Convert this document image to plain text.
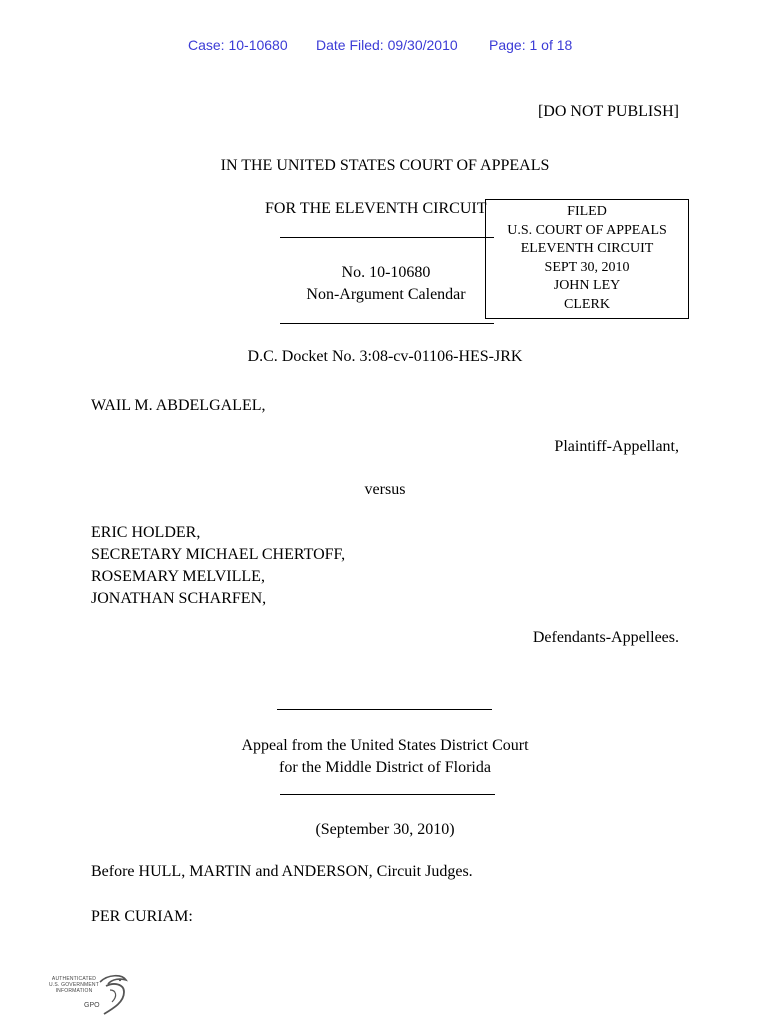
Case: 10-10680 Date Filed: 09/30/2010 Page: 1 of 18
[DO NOT PUBLISH]
IN THE UNITED STATES COURT OF APPEALS
FOR THE ELEVENTH CIRCUIT
No. 10-10680
Non-Argument Calendar
FILED
U.S. COURT OF APPEALS
ELEVENTH CIRCUIT
SEPT 30, 2010
JOHN LEY
CLERK
D.C. Docket No. 3:08-cv-01106-HES-JRK
WAIL M. ABDELGALEL,
Plaintiff-Appellant,
versus
ERIC HOLDER,
SECRETARY MICHAEL CHERTOFF,
ROSEMARY MELVILLE,
JONATHAN SCHARFEN,
Defendants-Appellees.
Appeal from the United States District Court
for the Middle District of Florida
(September 30, 2010)
Before HULL, MARTIN and ANDERSON, Circuit Judges.
PER CURIAM:
AUTHENTICATED
U.S. GOVERNMENT
INFORMATION
GPO
